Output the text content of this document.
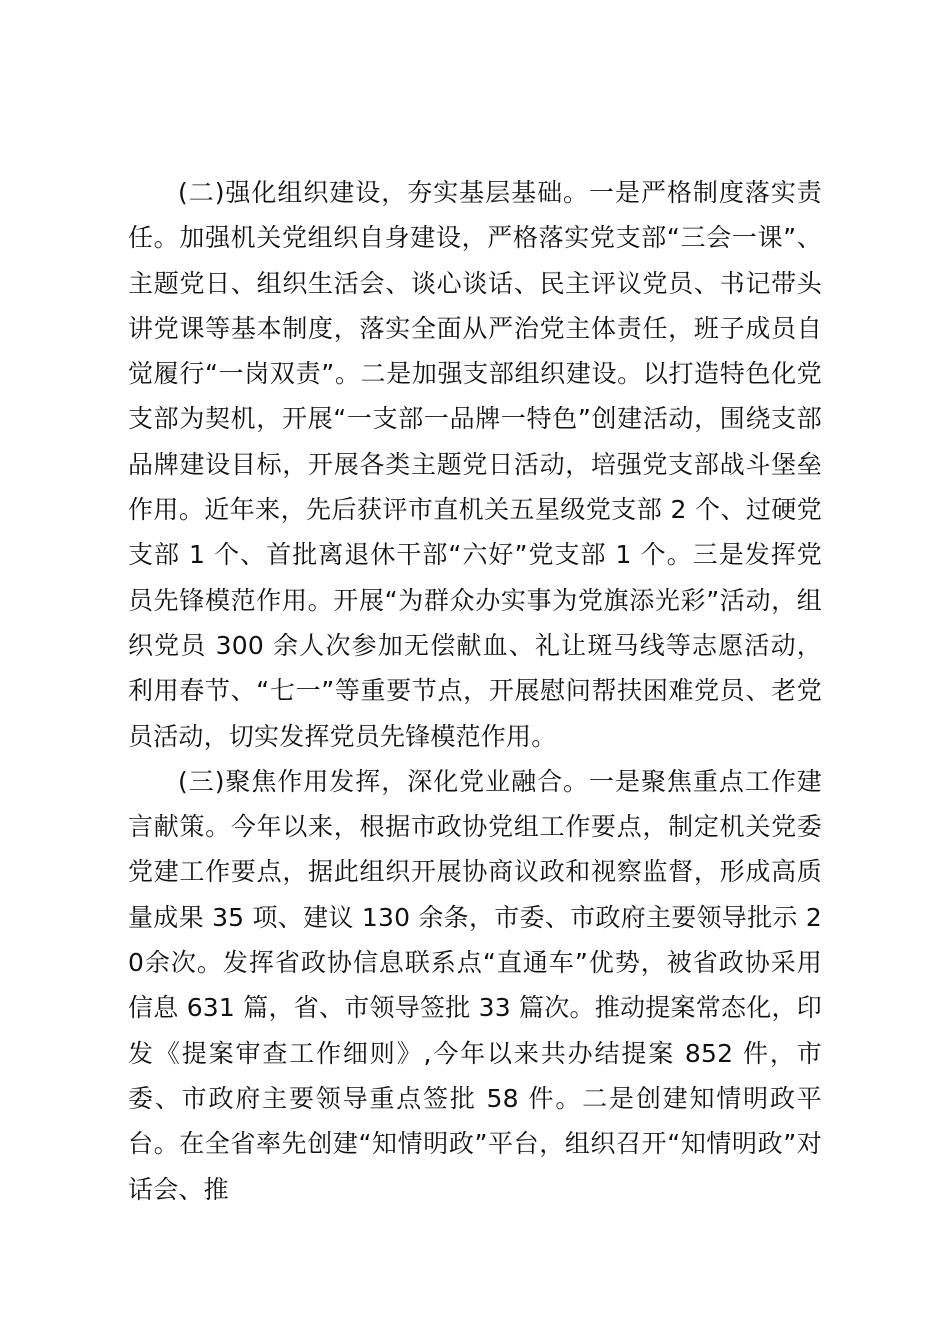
(二)强化组织建设，夯实基层基础。一是严格制度落实责任。加强机关党组织自身建设，严格落实党支部“三会一课”、主题党日、组织生活会、谈心谈话、民主评议党员、书记带头讲党课等基本制度，落实全面从严治党主体责任，班子成员自觉履行“一岗双责”。二是加强支部组织建设。以打造特色化党支部为契机，开展“一支部一品牌一特色”创建活动，围绕支部品牌建设目标，开展各类主题党日活动，培强党支部战斗堡垒作用。近年来，先后获评市直机关五星级党支部 2 个、过硬党支部 1 个、首批离退休干部“六好”党支部 1 个。三是发挥党员先锋模范作用。开展“为群众办实事为党旗添光彩”活动，组织党员 300 余人次参加无偿献血、礼让斑马线等志愿活动，利用春节、“七一”等重要节点，开展慰问帮扶困难党员、老党员活动，切实发挥党员先锋模范作用。

(三)聚焦作用发挥，深化党业融合。一是聚焦重点工作建言献策。今年以来，根据市政协党组工作要点，制定机关党委党建工作要点，据此组织开展协商议政和视察监督，形成高质量成果 35 项、建议 130 余条，市委、市政府主要领导批示 20余次。发挥省政协信息联系点“直通车”优势，被省政协采用信息 631 篇，省、市领导签批 33 篇次。推动提案常态化，印发《提案审查工作细则》,今年以来共办结提案 852 件，市委、市政府主要领导重点签批 58 件。二是创建知情明政平台。在全省率先创建“知情明政”平台，组织召开“知情明政”对话会、推
